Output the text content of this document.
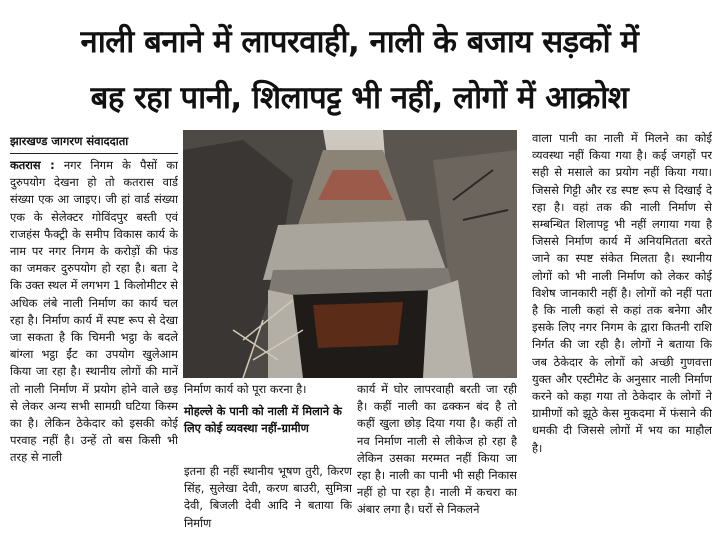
नाली बनाने में लापरवाही, नाली के बजाय सड़कों में
बह रहा पानी, शिलापट्ट भी नहीं, लोगों में आक्रोश
झारखण्ड जागरण संवाददाता

कतरास : नगर निगम के पैसों का दुरुपयोग देखना हो तो कतरास वार्ड संख्या एक आ जाइए। जी हां वार्ड संख्या एक के सेलेक्टर गोविंदपुर बस्ती एवं राजहंस फैक्ट्री के समीप विकास कार्य के नाम पर नगर निगम के करोड़ों की फंड का जमकर दुरुपयोग हो रहा है। बता दे कि उक्त स्थल में लगभग 1 किलोमीटर से अधिक लंबे नाली निर्माण का कार्य चल रहा है। निर्माण कार्य में स्पष्ट रूप से देखा जा सकता है कि चिमनी भट्ठा के बदले बांग्ला भट्ठा ईंट का उपयोग खुलेआम किया जा रहा है। स्थानीय लोगों की मानें तो नाली निर्माण में प्रयोग होने वाले छड़ से लेकर अन्य सभी सामग्री घटिया किस्म का है। लेकिन ठेकेदार को इसकी कोई परवाह नहीं है। उन्हें तो बस किसी भी तरह से नाली

निर्माण कार्य को पूरा करना है।

मोहल्ले के पानी को नाली में मिलाने के लिए कोई व्यवस्था नहीं-ग्रामीण

इतना ही नहीं स्थानीय भूषण तुरी, किरण सिंह, सुलेखा देवी, करण बाउरी, सुमित्रा देवी, बिजली देवी आदि ने बताया कि निर्माण

कार्य में घोर लापरवाही बरती जा रही है। कहीं नाली का ढक्कन बंद है तो कहीं खुला छोड़ दिया गया है। कहीं तो नव निर्माण नाली से लीकेज हो रहा है लेकिन उसका मरम्मत नहीं किया जा रहा है। नाली का पानी भी सही निकास नहीं हो पा रहा है। नाली में कचरा का अंबार लगा है। घरों से निकलने

वाला पानी का नाली में मिलने का कोई व्यवस्था नहीं किया गया है। कई जगहों पर सही से मसाले का प्रयोग नहीं किया गया। जिससे गिट्टी और रड स्पष्ट रूप से दिखाई दे रहा है। वहां तक की नाली निर्माण से सम्बन्धित शिलापट्ट भी नहीं लगाया गया है जिससे निर्माण कार्य में अनियमितता बरते जाने का स्पष्ट संकेत मिलता है। स्थानीय लोगों को भी नाली निर्माण को लेकर कोई विशेष जानकारी नहीं है। लोगों को नहीं पता है कि नाली कहां से कहां तक बनेगा और इसके लिए नगर निगम के द्वारा कितनी राशि निर्गत की जा रही है। लोगों ने बताया कि जब ठेकेदार के लोगों को अच्छी गुणवत्ता युक्त और एस्टीमेट के अनुसार नाली निर्माण करने को कहा गया तो ठेकेदार के लोगों ने ग्रामीणों को झूठे केस मुकदमा में फंसाने की धमकी दी जिससे लोगों में भय का माहौल है।
